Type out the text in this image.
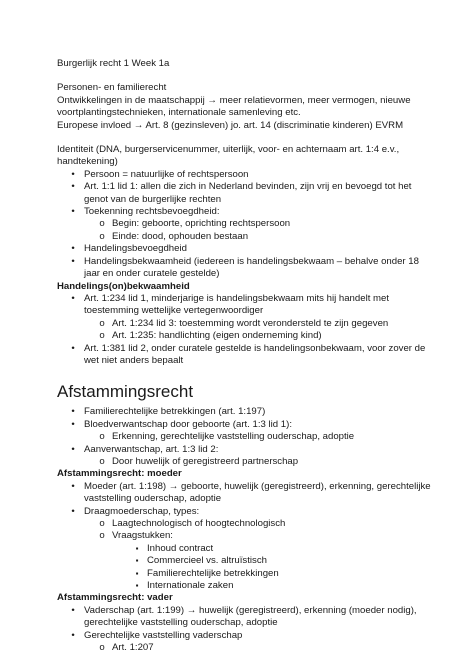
Burgerlijk recht 1 Week 1a

Personen- en familierecht

Ontwikkelingen in de maatschappij → meer relatievormen, meer vermogen, nieuwe voortplantingstechnieken, internationale samenleving etc.

Europese invloed → Art. 8 (gezinsleven) jo. art. 14 (discriminatie kinderen) EVRM

Identiteit (DNA, burgerservicenummer, uiterlijk, voor- en achternaam art. 1:4 e.v., handtekening)

• Persoon = natuurlijke of rechtspersoon
• Art. 1:1 lid 1: allen die zich in Nederland bevinden, zijn vrij en bevoegd tot het genot van de burgerlijke rechten
• Toekenning rechtsbevoegdheid:
o Begin: geboorte, oprichting rechtspersoon
o Einde: dood, ophouden bestaan
• Handelingsbevoegdheid
• Handelingsbekwaamheid (iedereen is handelingsbekwaam – behalve onder 18 jaar en onder curatele gestelde)

Handelings(on)bekwaamheid

• Art. 1:234 lid 1, minderjarige is handelingsbekwaam mits hij handelt met toestemming wettelijke vertegenwoordiger
o Art. 1:234 lid 3: toestemming wordt verondersteld te zijn gegeven
o Art. 1:235: handlichting (eigen onderneming kind)
• Art. 1:381 lid 2, onder curatele gestelde is handelingsonbekwaam, voor zover de wet niet anders bepaalt
Afstammingsrecht
• Familierechtelijke betrekkingen (art. 1:197)
• Bloedverwantschap door geboorte (art. 1:3 lid 1):
o Erkenning, gerechtelijke vaststelling ouderschap, adoptie
• Aanverwantschap, art. 1:3 lid 2:
o Door huwelijk of geregistreerd partnerschap

Afstammingsrecht: moeder

• Moeder (art. 1:198) → geboorte, huwelijk (geregistreerd), erkenning, gerechtelijke vaststelling ouderschap, adoptie
• Draagmoederschap, types:
o Laagtechnologisch of hoogtechnologisch
o Vraagstukken:
▪ Inhoud contract
▪ Commercieel vs. altruïstisch
▪ Familierechtelijke betrekkingen
▪ Internationale zaken

Afstammingsrecht: vader

• Vaderschap (art. 1:199) → huwelijk (geregistreerd), erkenning (moeder nodig), gerechtelijke vaststelling ouderschap, adoptie
• Gerechtelijke vaststelling vaderschap
o Art. 1:207
